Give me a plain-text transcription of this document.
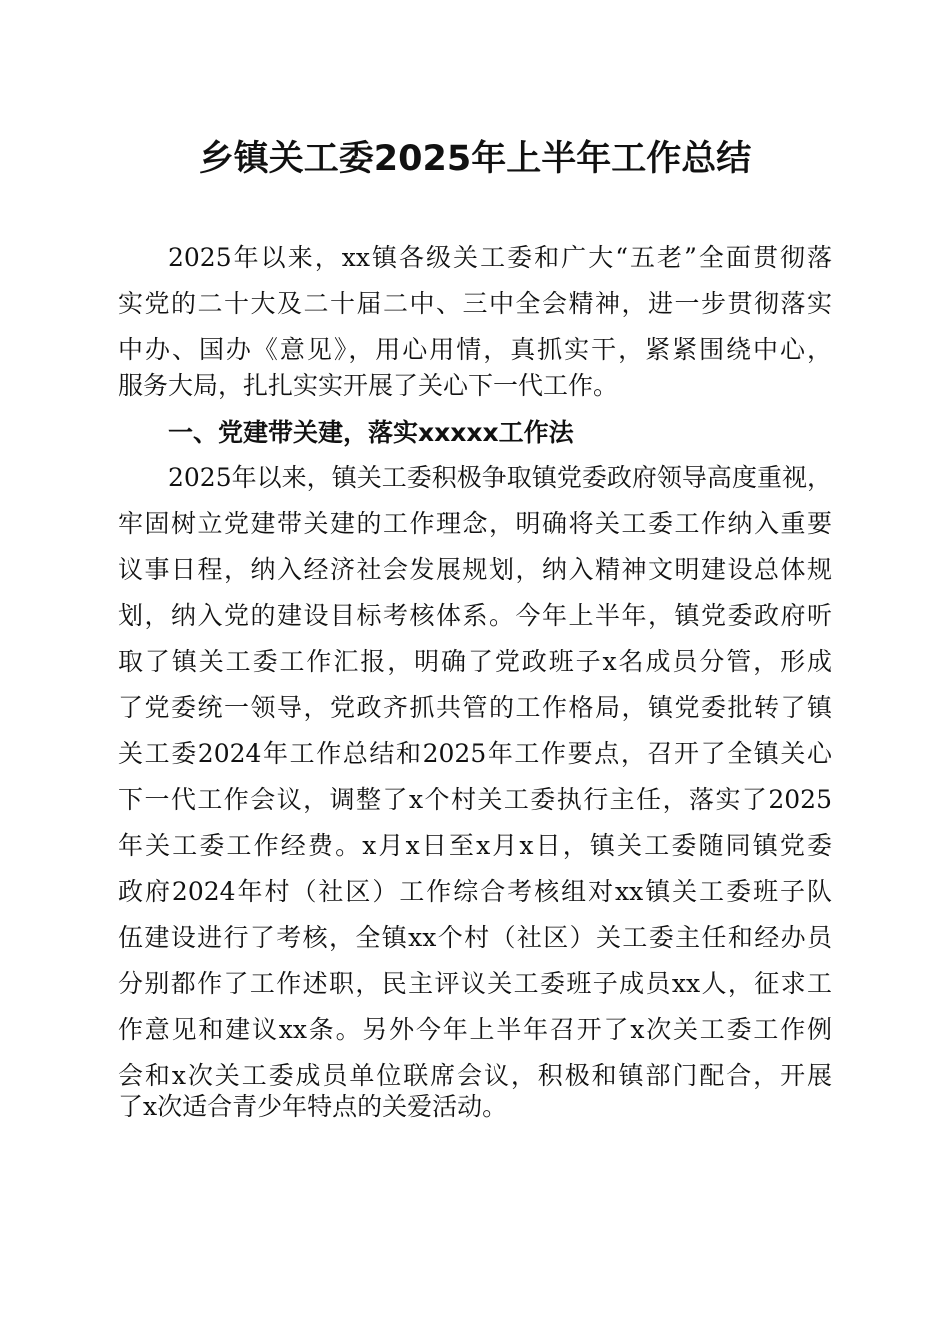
乡镇关工委2025年上半年工作总结
2025年以来，xx镇各级关工委和广大“五老”全面贯彻落
实党的二十大及二十届二中、三中全会精神，进一步贯彻落实
中办、国办《意见》，用心用情，真抓实干，紧紧围绕中心，
服务大局，扎扎实实开展了关心下一代工作。
一、党建带关建，落实xxxxx工作法
2025年以来，镇关工委积极争取镇党委政府领导高度重视，
牢固树立党建带关建的工作理念，明确将关工委工作纳入重要
议事日程，纳入经济社会发展规划，纳入精神文明建设总体规
划，纳入党的建设目标考核体系。今年上半年，镇党委政府听
取了镇关工委工作汇报，明确了党政班子x名成员分管，形成
了党委统一领导，党政齐抓共管的工作格局，镇党委批转了镇
关工委2024年工作总结和2025年工作要点，召开了全镇关心
下一代工作会议，调整了x个村关工委执行主任，落实了2025
年关工委工作经费。x月x日至x月x日，镇关工委随同镇党委
政府2024年村（社区）工作综合考核组对xx镇关工委班子队
伍建设进行了考核，全镇xx个村（社区）关工委主任和经办员
分别都作了工作述职，民主评议关工委班子成员xx人，征求工
作意见和建议xx条。另外今年上半年召开了x次关工委工作例
会和x次关工委成员单位联席会议，积极和镇部门配合，开展
了x次适合青少年特点的关爱活动。
